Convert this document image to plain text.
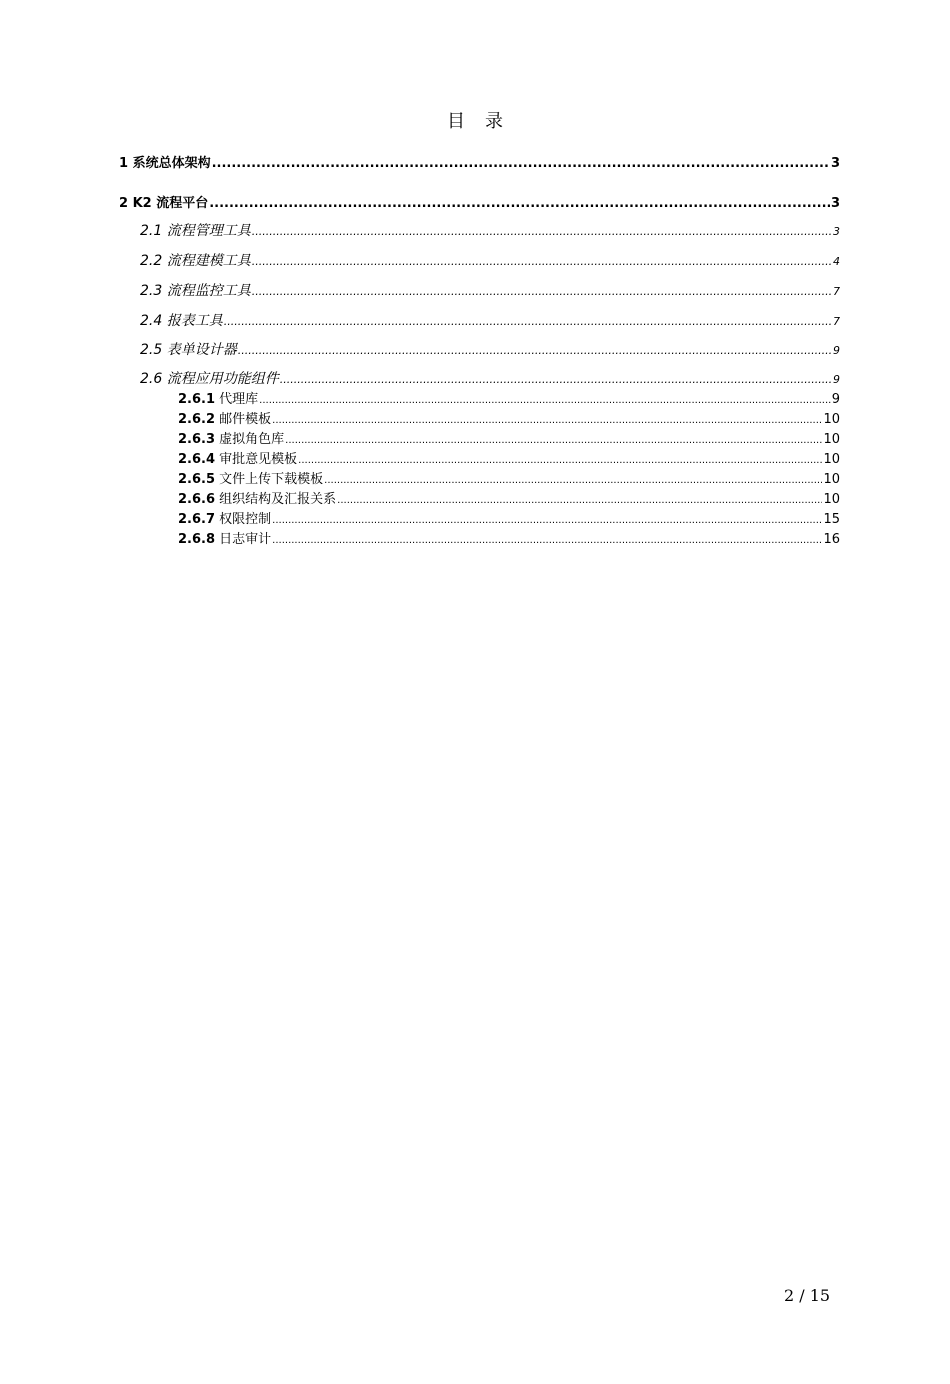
目 录
1 系统总体架构 .....	3
2 K2 流程平台 .....	3
2.1 流程管理工具 .....	3
2.2 流程建模工具 .....	4
2.3 流程监控工具 .....	7
2.4 报表工具 .....	7
2.5 表单设计器 .....	9
2.6 流程应用功能组件 .....	9
2.6.1 代理库 .....	9
2.6.2 邮件模板 .....	10
2.6.3 虚拟角色库 .....	10
2.6.4 审批意见模板 .....	10
2.6.5 文件上传下载模板 .....	10
2.6.6 组织结构及汇报关系 .....	10
2.6.7 权限控制 .....	15
2.6.8 日志审计 .....	16
2 / 15
